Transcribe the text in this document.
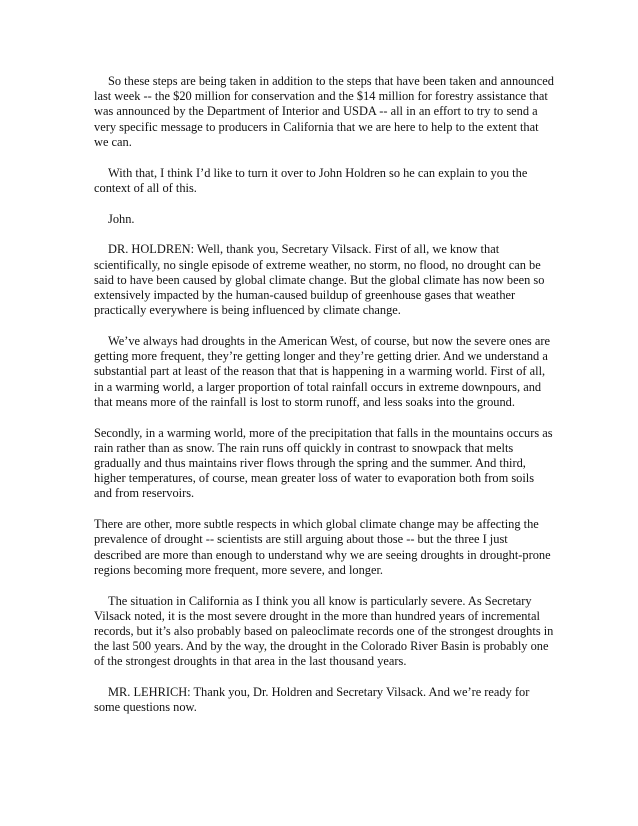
So these steps are being taken in addition to the steps that have been taken and announced last week -- the $20 million for conservation and the $14 million for forestry assistance that was announced by the Department of Interior and USDA -- all in an effort to try to send a very specific message to producers in California that we are here to help to the extent that we can.

With that, I think I’d like to turn it over to John Holdren so he can explain to you the context of all of this.

John.

DR. HOLDREN: Well, thank you, Secretary Vilsack. First of all, we know that scientifically, no single episode of extreme weather, no storm, no flood, no drought can be said to have been caused by global climate change. But the global climate has now been so extensively impacted by the human-caused buildup of greenhouse gases that weather practically everywhere is being influenced by climate change.

We’ve always had droughts in the American West, of course, but now the severe ones are getting more frequent, they’re getting longer and they’re getting drier. And we understand a substantial part at least of the reason that that is happening in a warming world. First of all, in a warming world, a larger proportion of total rainfall occurs in extreme downpours, and that means more of the rainfall is lost to storm runoff, and less soaks into the ground.

Secondly, in a warming world, more of the precipitation that falls in the mountains occurs as rain rather than as snow. The rain runs off quickly in contrast to snowpack that melts gradually and thus maintains river flows through the spring and the summer. And third, higher temperatures, of course, mean greater loss of water to evaporation both from soils and from reservoirs.

There are other, more subtle respects in which global climate change may be affecting the prevalence of drought -- scientists are still arguing about those -- but the three I just described are more than enough to understand why we are seeing droughts in drought-prone regions becoming more frequent, more severe, and longer.

The situation in California as I think you all know is particularly severe. As Secretary Vilsack noted, it is the most severe drought in the more than hundred years of incremental records, but it’s also probably based on paleoclimate records one of the strongest droughts in the last 500 years. And by the way, the drought in the Colorado River Basin is probably one of the strongest droughts in that area in the last thousand years.

MR. LEHRICH: Thank you, Dr. Holdren and Secretary Vilsack. And we’re ready for some questions now.
